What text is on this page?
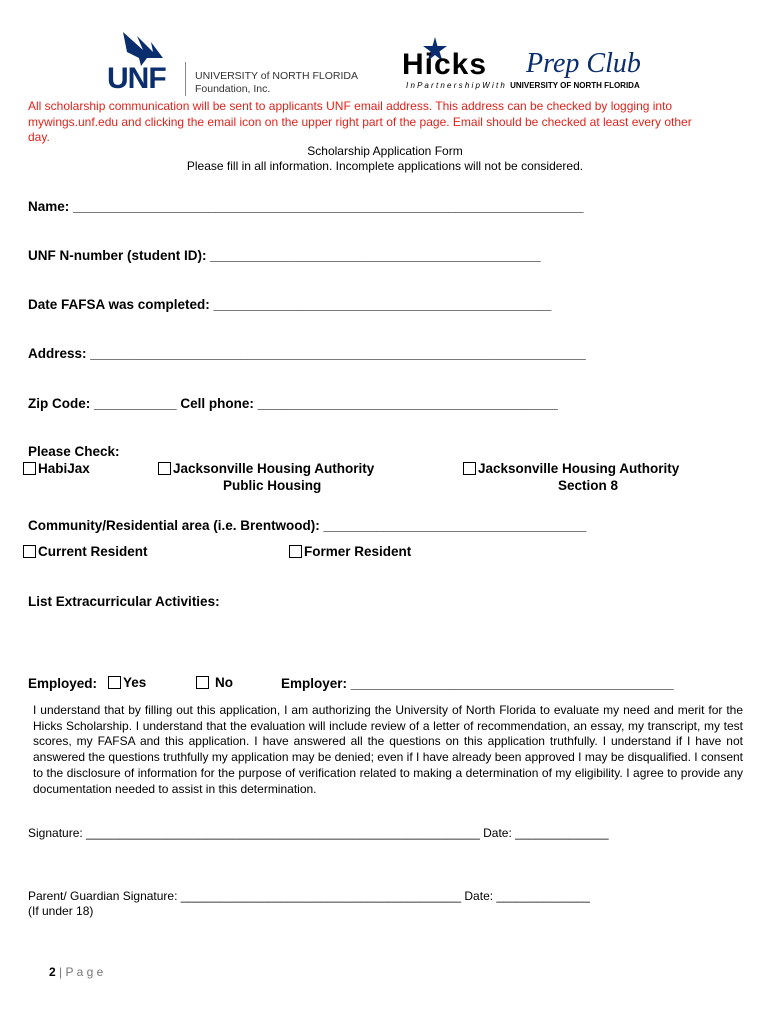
UNF	UNIVERSITY of NORTH FLORIDA
Foundation, Inc.
Hicks Prep Club
I n P a r t n e r s h i p W i t h UNIVERSITY OF NORTH FLORIDA
All scholarship communication will be sent to applicants UNF email address. This address can be checked by logging into
mywings.unf.edu and clicking the email icon on the upper right part of the page. Email should be checked at least every other
day.
Scholarship Application Form
Please fill in all information. Incomplete applications will not be considered.
Name: ____________________________________________________________________
UNF N-number (student ID): ____________________________________________
Date FAFSA was completed: _____________________________________________
Address: __________________________________________________________________
Zip Code: ___________ Cell phone: ________________________________________
Please Check:
HabiJax	Jacksonville Housing Authority
Public Housing
Jacksonville Housing Authority
Section 8
Community/Residential area (i.e. Brentwood): ___________________________________
Current Resident	Former Resident
List Extracurricular Activities:
Employed:	Yes	No	Employer: ___________________________________________
I understand that by filling out this application, I am authorizing the University of North Florida to evaluate my need and merit for the Hicks Scholarship. I understand that the evaluation will include review of a letter of recommendation, an essay, my transcript, my test scores, my FAFSA and this application. I have answered all the questions on this application truthfully. I understand if I have not answered the questions truthfully my application may be denied; even if I have already been approved I may be disqualified. I consent to the disclosure of information for the purpose of verification related to making a determination of my eligibility. I agree to provide any documentation needed to assist in this determination.
Signature: ___________________________________________________________ Date: ______________
Parent/ Guardian Signature: __________________________________________ Date: ______________
(If under 18)
2 | P a g e
